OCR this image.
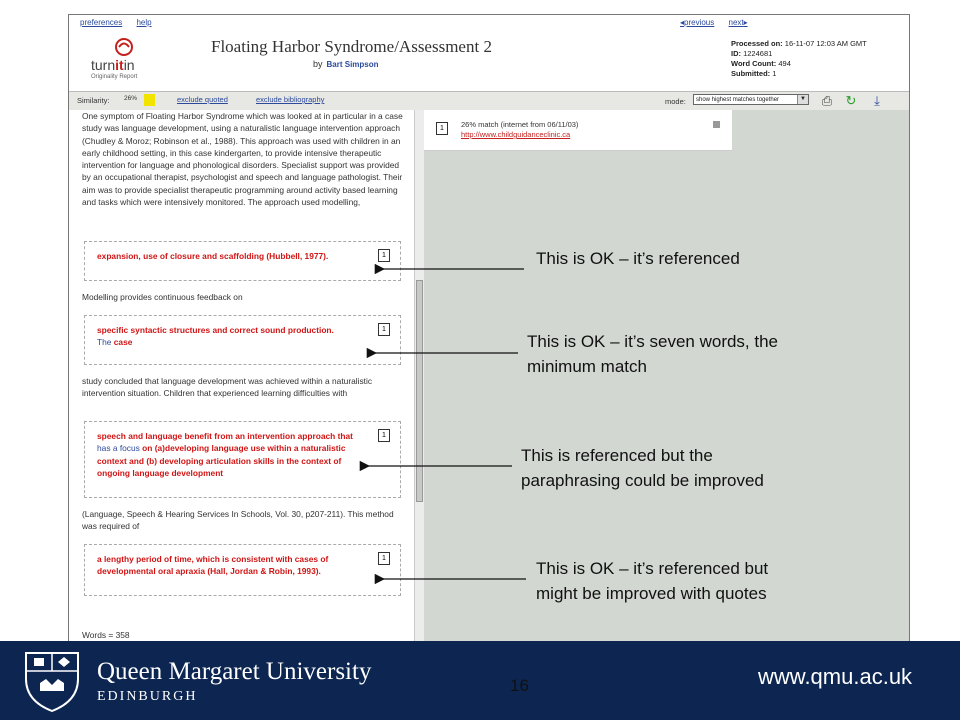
preferences help	◂previous next▸
turnitin
Originality Report
Floating Harbor Syndrome/Assessment 2
by Bart Simpson
Processed on: 16-11-07 12:03 AM GMT
ID: 1224681
Word Count: 494
Submitted: 1
Similarity: 26%	exclude quoted	exclude bibliography	mode:	show highest matches together	▼ ⎙ ↻	⤓
One symptom of Floating Harbor Syndrome which was looked at in particular in a case study was language development, using a naturalistic language intervention approach (Chudley & Moroz; Robinson et al., 1988). This approach was used with children in an early childhood setting, in this case kindergarten, to provide intensive therapeutic intervention for language and phonological disorders. Specialist support was provided by an occupational therapist, psychologist and speech and language pathologist. Their aim was to provide specialist therapeutic programming around activity based learning and tasks which were intensively monitored. The approach used modelling,
expansion, use of closure and scaffolding (Hubbell, 1977).	1
Modelling provides continuous feedback on
specific syntactic structures and correct sound production.
The case
1
study concluded that language development was achieved within a naturalistic intervention situation. Children that experienced learning difficulties with
speech and language benefit from an intervention approach that has a focus on (a)developing language use within a naturalistic context and (b) developing articulation skills in the context of ongoing language development
1
(Language, Speech & Hearing Services In Schools, Vol. 30, p207-211). This method was required of
a lengthy period of time, which is consistent with cases of developmental oral apraxia (Hall, Jordan & Robin, 1993).
1
Words = 358
1	26% match (internet from 06/11/03)
http://www.childguidanceclinic.ca
This is OK – it’s referenced
This is OK – it’s seven words, the
minimum match
This is referenced but the
paraphrasing could be improved
This is OK – it’s referenced but
might be improved with quotes
Queen Margaret University
EDINBURGH
16	www.qmu.ac.uk
